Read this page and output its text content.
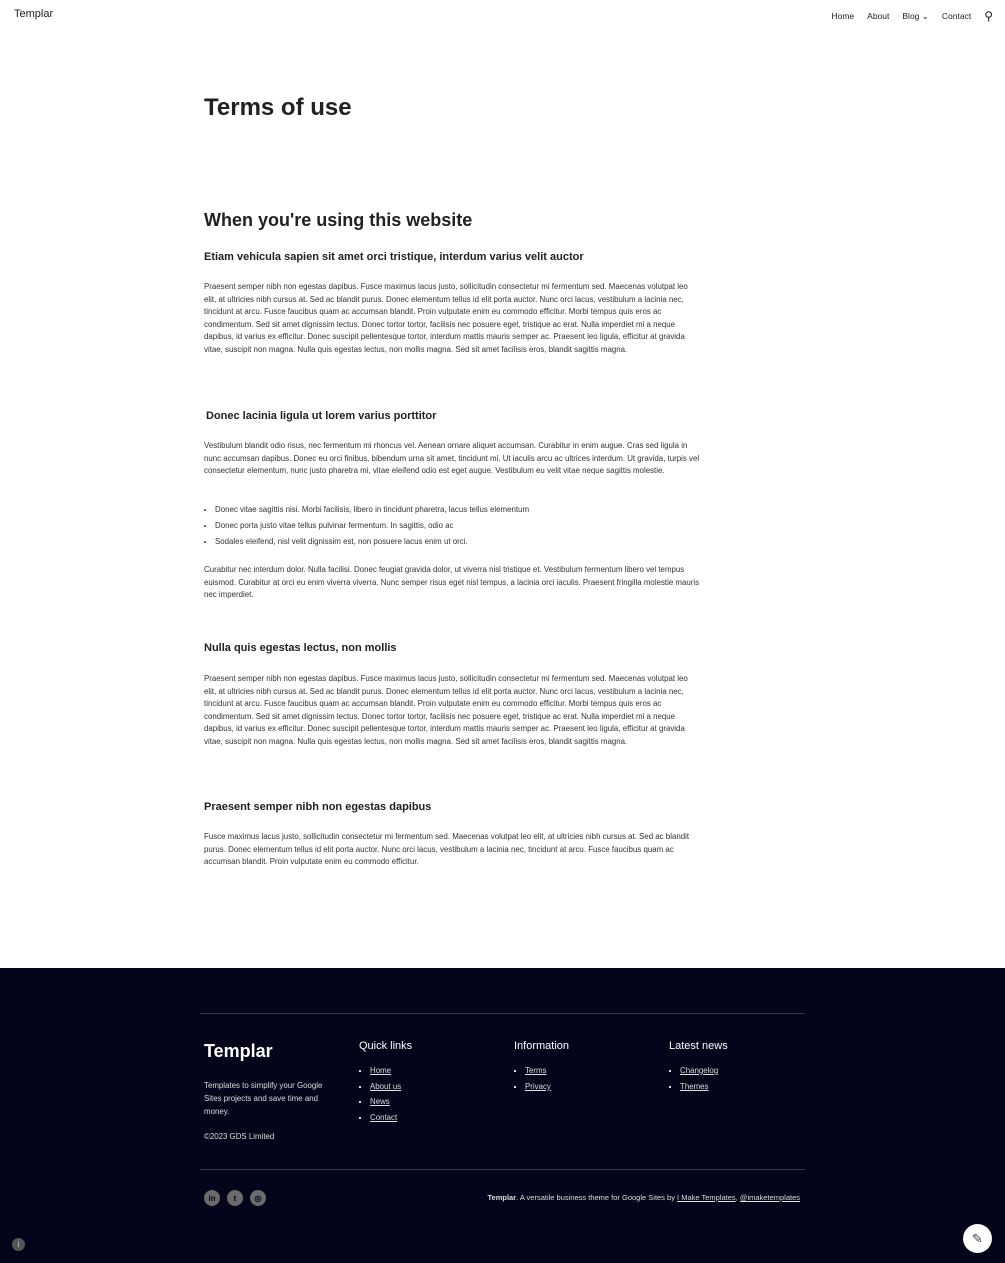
Templar	Home About Blog ⌄ Contact ⚲
Terms of use
When you're using this website
Etiam vehicula sapien sit amet orci tristique, interdum varius velit auctor
Praesent semper nibh non egestas dapibus. Fusce maximus lacus justo, sollicitudin consectetur mi fermentum sed. Maecenas volutpat leo elit, at ultricies nibh cursus at. Sed ac blandit purus. Donec elementum tellus id elit porta auctor. Nunc orci lacus, vestibulum a lacinia nec, tincidunt at arcu. Fusce faucibus quam ac accumsan blandit. Proin vulputate enim eu commodo efficitur. Morbi tempus quis eros ac condimentum. Sed sit amet dignissim lectus. Donec tortor tortor, facilisis nec posuere eget, tristique ac erat. Nulla imperdiet mi a neque dapibus, id varius ex efficitur. Donec suscipit pellentesque tortor, interdum mattis mauris semper ac. Praesent leo ligula, efficitur at gravida vitae, suscipit non magna. Nulla quis egestas lectus, non mollis magna. Sed sit amet facilisis eros, blandit sagittis magna.
Donec lacinia ligula ut lorem varius porttitor
Vestibulum blandit odio risus, nec fermentum mi rhoncus vel. Aenean ornare aliquet accumsan. Curabitur in enim augue. Cras sed ligula in nunc accumsan dapibus. Donec eu orci finibus, bibendum urna sit amet, tincidunt mi. Ut iaculis arcu ac ultrices interdum. Ut gravida, turpis vel consectetur elementum, nunc justo pharetra mi, vitae eleifend odio est eget augue. Vestibulum eu velit vitae neque sagittis molestie.
• Donec vitae sagittis nisi. Morbi facilisis, libero in tincidunt pharetra, lacus tellus elementum
• Donec porta justo vitae tellus pulvinar fermentum. In sagittis, odio ac
• Sodales eleifend, nisl velit dignissim est, non posuere lacus enim ut orci.
Curabitur nec interdum dolor. Nulla facilisi. Donec feugiat gravida dolor, ut viverra nisl tristique et. Vestibulum fermentum libero vel tempus euismod. Curabitur at orci eu enim viverra viverra. Nunc semper risus eget nisl tempus, a lacinia orci iaculis. Praesent fringilla molestie mauris nec imperdiet.
Nulla quis egestas lectus, non mollis
Praesent semper nibh non egestas dapibus. Fusce maximus lacus justo, sollicitudin consectetur mi fermentum sed. Maecenas volutpat leo elit, at ultricies nibh cursus at. Sed ac blandit purus. Donec elementum tellus id elit porta auctor. Nunc orci lacus, vestibulum a lacinia nec, tincidunt at arcu. Fusce faucibus quam ac accumsan blandit. Proin vulputate enim eu commodo efficitur. Morbi tempus quis eros ac condimentum. Sed sit amet dignissim lectus. Donec tortor tortor, facilisis nec posuere eget, tristique ac erat. Nulla imperdiet mi a neque dapibus, id varius ex efficitur. Donec suscipit pellentesque tortor, interdum mattis mauris semper ac. Praesent leo ligula, efficitur at gravida vitae, suscipit non magna. Nulla quis egestas lectus, non mollis magna. Sed sit amet facilisis eros, blandit sagittis magna.
Praesent semper nibh non egestas dapibus
Fusce maximus lacus justo, sollicitudin consectetur mi fermentum sed. Maecenas volutpat leo elit, at ultricies nibh cursus at. Sed ac blandit purus. Donec elementum tellus id elit porta auctor. Nunc orci lacus, vestibulum a lacinia nec, tincidunt at arcu. Fusce faucibus quam ac accumsan blandit. Proin vulputate enim eu commodo efficitur.
Templar
Templates to simplify your Google Sites projects and save time and money.
©2023 GDS Limited
Quick links
▪ Home
▪ About us
▪ News
▪ Contact
Information
▪ Terms
▪ Privacy
Latest news
▪ Changelog
▪ Themes
in	t	◎	Templar. A versatile business theme for Google Sites by I Make Templates, @imaketemplates
i	✎
